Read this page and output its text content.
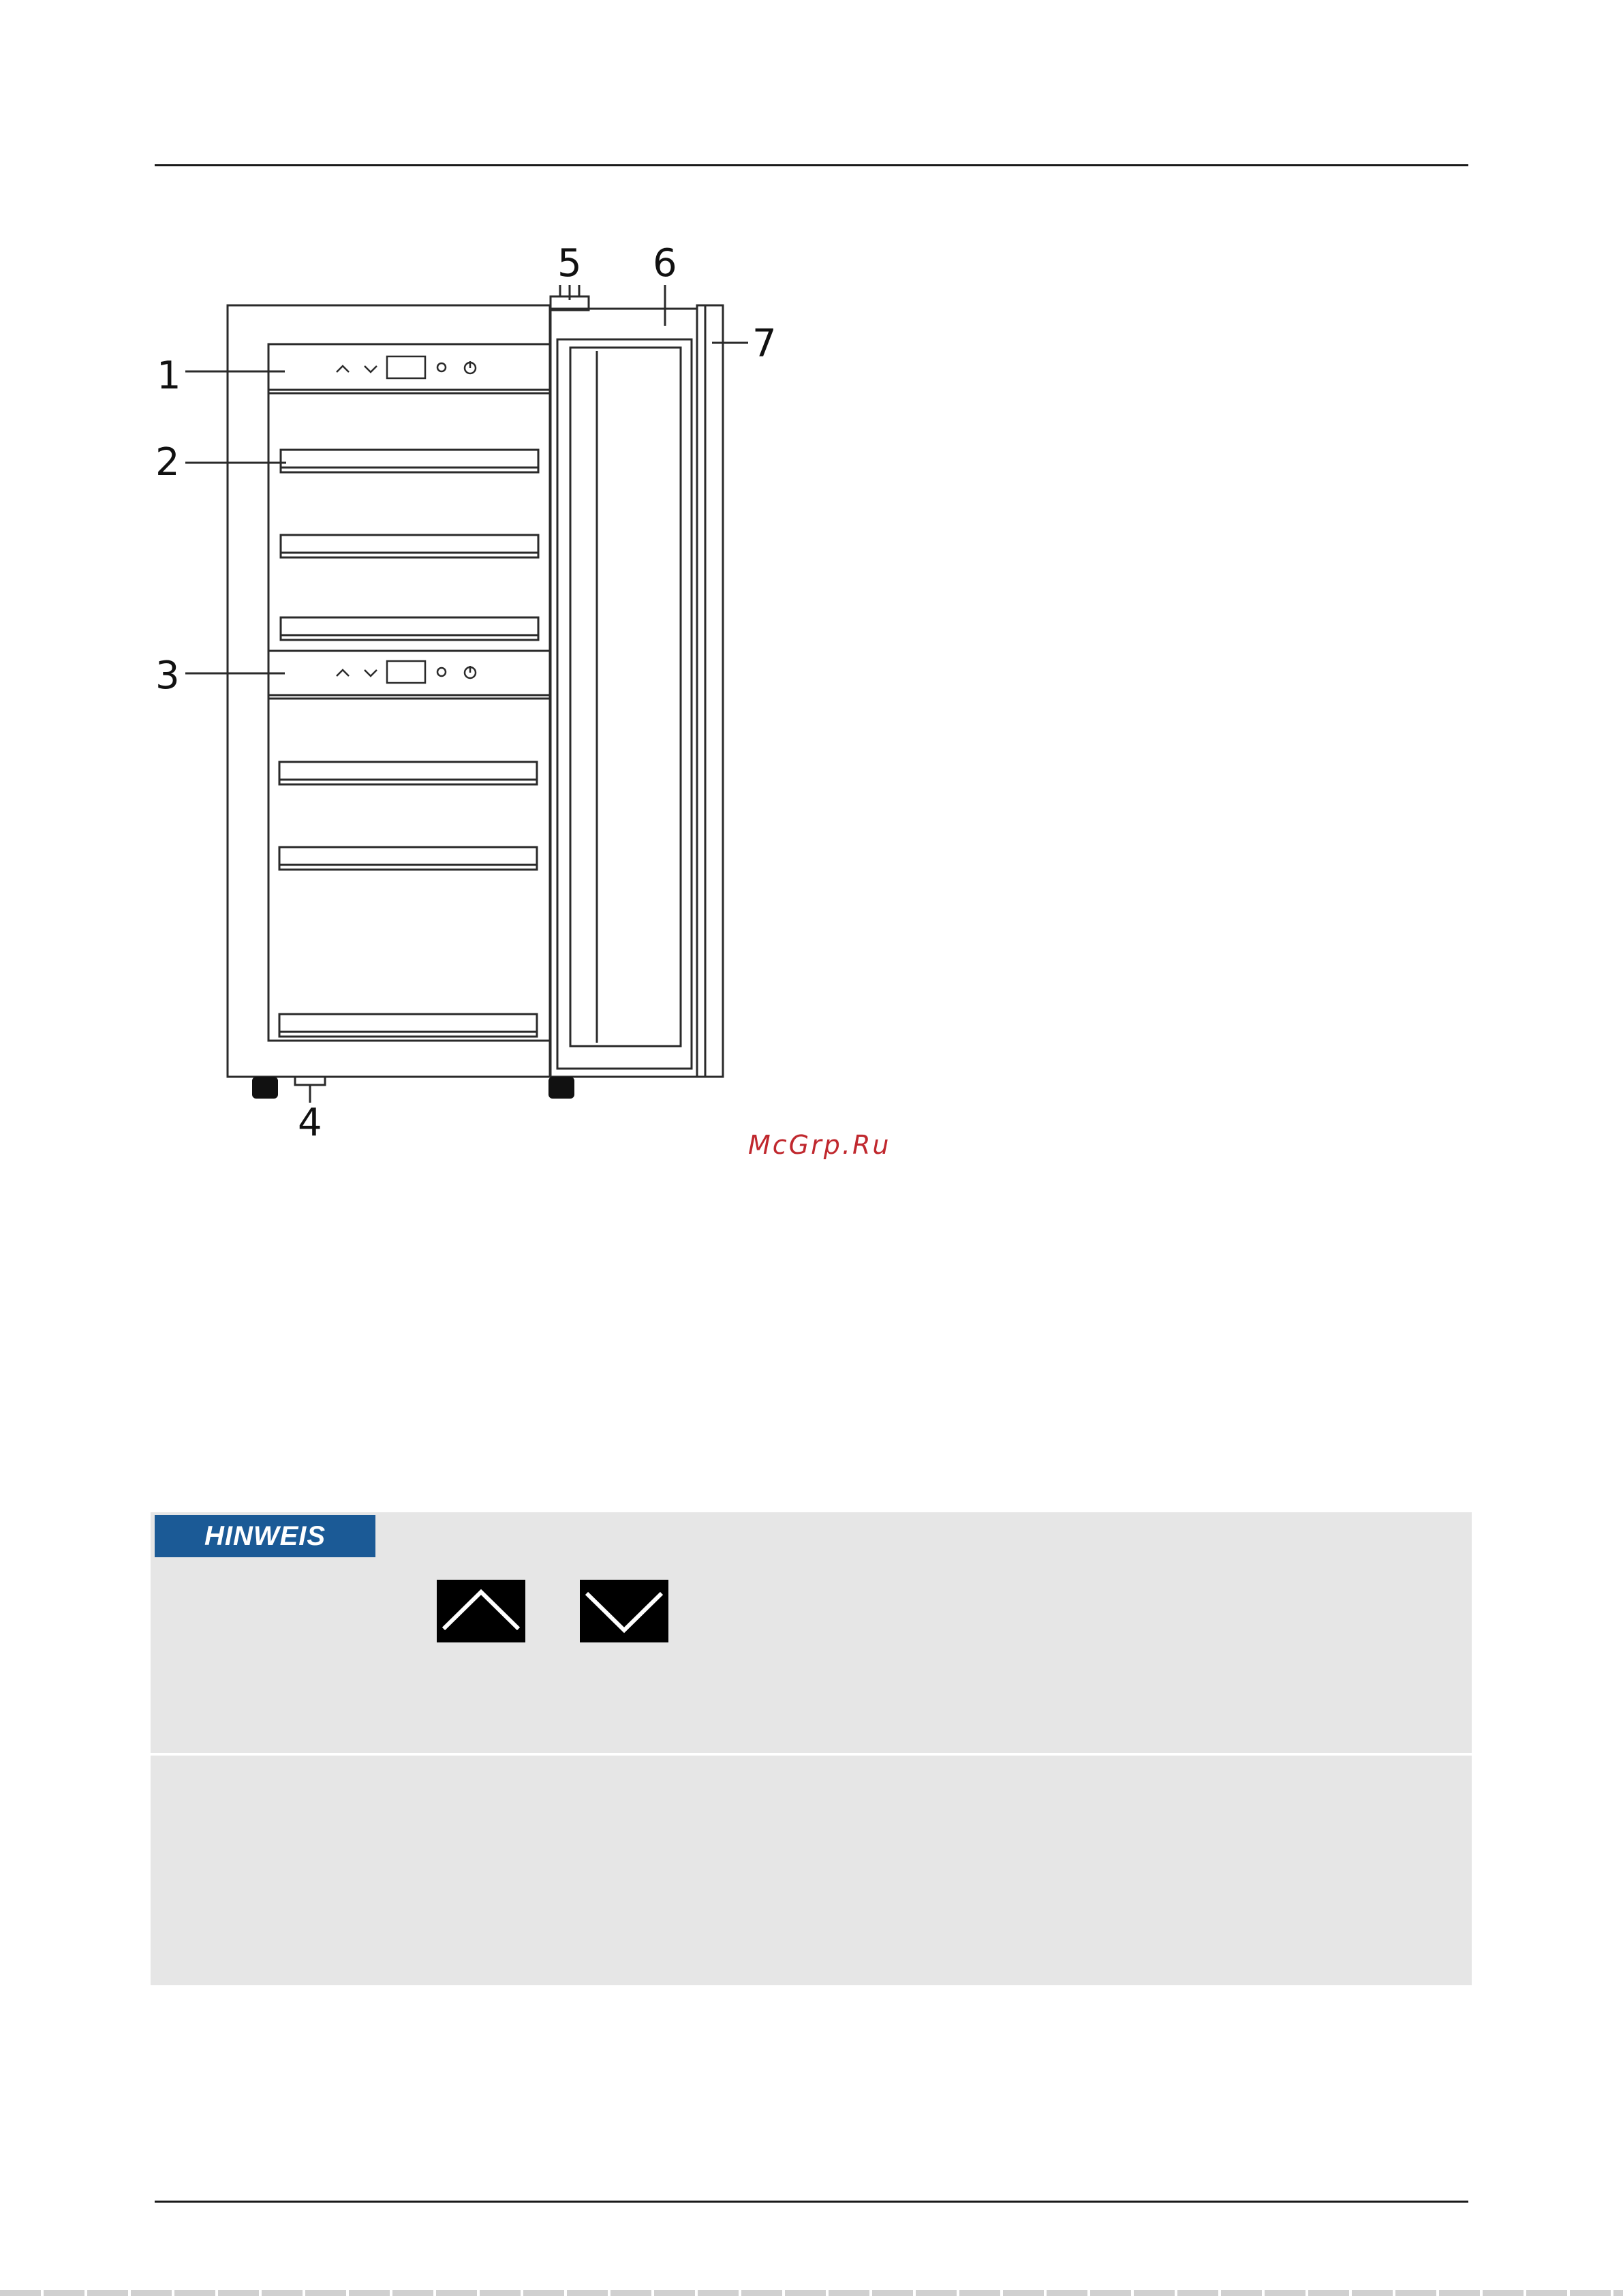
1
2
3
4
5 6
7
McGrp.Ru
HINWEIS
